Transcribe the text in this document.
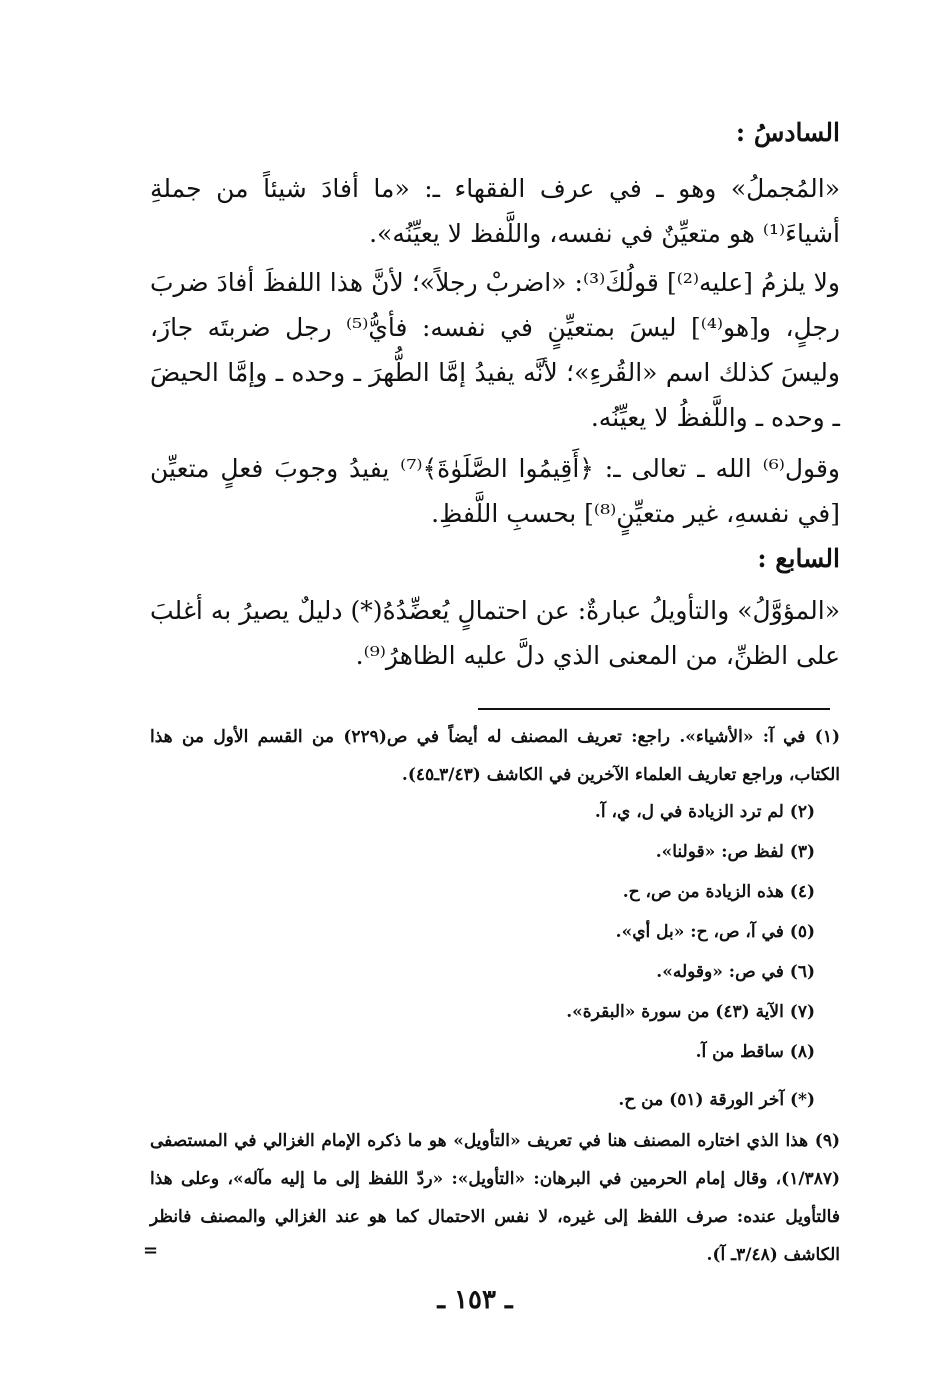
السادسُ :
«المُجملُ» وهو ـ في عرف الفقهاء ـ: «ما أفادَ شيئاً من جملةِ أشياءَ⁽¹⁾ هو متعيِّنٌ في نفسه، واللَّفظ لا يعيِّنُه».
ولا يلزمُ [عليه⁽²⁾] قولُكَ⁽³⁾: «اضربْ رجلاً»؛ لأنَّ هذا اللفظَ أفادَ ضربَ رجلٍ، و[هو⁽⁴⁾] ليسَ بمتعيِّنٍ في نفسه: فأيُّ⁽⁵⁾ رجل ضربتَه جازَ، وليسَ كذلك اسم «القُرءِ»؛ لأنَّه يفيدُ إمَّا الطُّهرَ ـ وحده ـ وإمَّا الحيضَ ـ وحده ـ واللَّفظُ لا يعيِّنُه.
وقول⁽⁶⁾ الله ـ تعالى ـ: ﴿أَقِيمُوا الصَّلَوٰةَ﴾⁽⁷⁾ يفيدُ وجوبَ فعلٍ متعيِّن [في نفسهِ، غير متعيِّنٍ⁽⁸⁾] بحسبِ اللَّفظِ.
السابع :
«المؤوَّلُ» والتأويلُ عبارةٌ: عن احتمالٍ يُعضِّدُهُ(*) دليلٌ يصيرُ به أغلبَ على الظنِّ، من المعنى الذي دلَّ عليه الظاهرُ⁽⁹⁾.
(١) في آ: «الأشياء». راجع: تعريف المصنف له أيضاً في ص(٢٢٩) من القسم الأول من هذا الكتاب، وراجع تعاريف العلماء الآخرين في الكاشف (٣/٤٣ـ٤٥).
(٢) لم ترد الزيادة في ل، ي، آ.
(٣) لفظ ص: «قولنا».
(٤) هذه الزيادة من ص، ح.
(٥) في آ، ص، ح: «بل أي».
(٦) في ص: «وقوله».
(٧) الآية (٤٣) من سورة «البقرة».
(٨) ساقط من آ.
(*) آخر الورقة (٥١) من ح.
(٩) هذا الذي اختاره المصنف هنا في تعريف «التأويل» هو ما ذكره الإمام الغزالي في المستصفى (١/٣٨٧)، وقال إمام الحرمين في البرهان: «التأويل»: «ردّ اللفظ إلى ما إليه مآله»، وعلى هذا فالتأويل عنده: صرف اللفظ إلى غيره، لا نفس الاحتمال كما هو عند الغزالي والمصنف فانظر الكاشف (٣/٤٨ـ آ).
=
ـ ١٥٣ ـ
